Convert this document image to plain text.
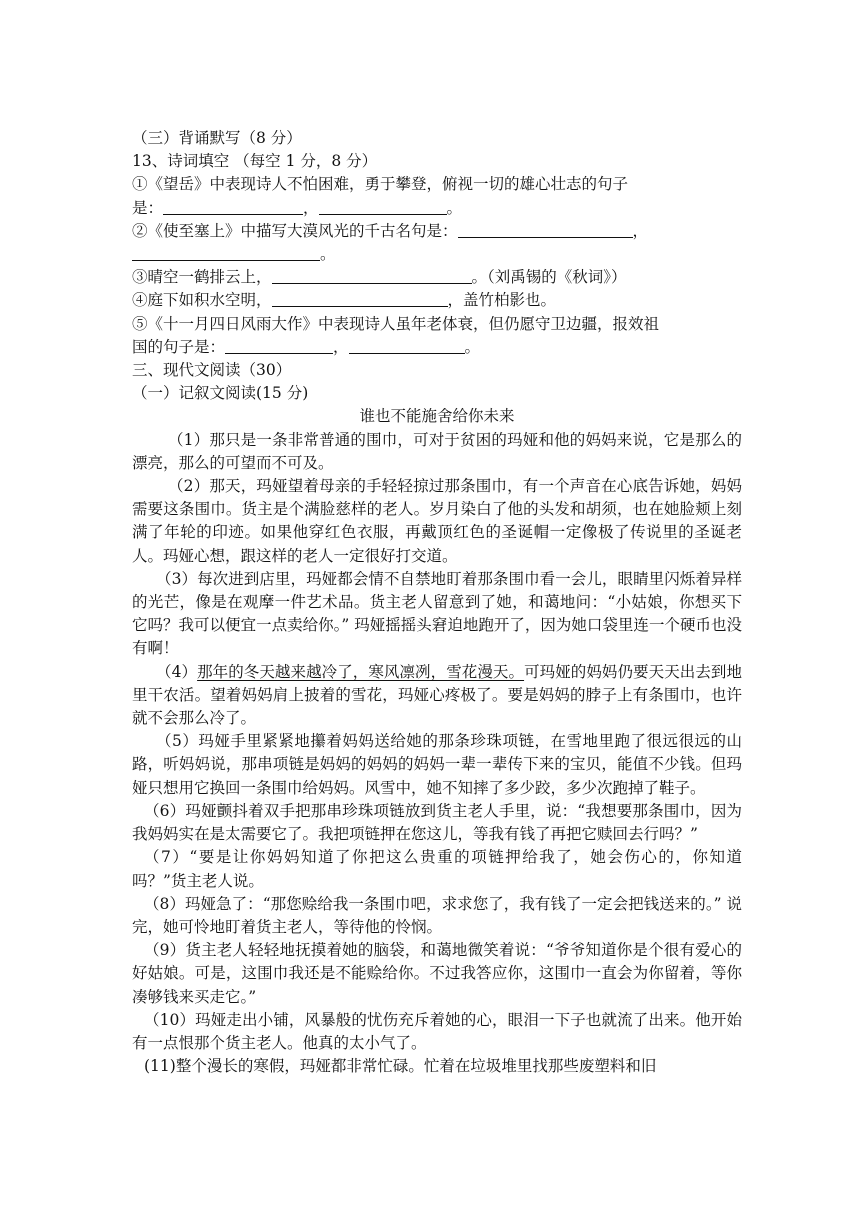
（三）背诵默写（8 分）
13、诗词填空 （每空 1 分，8 分）
①《望岳》中表现诗人不怕困难，勇于攀登，俯视一切的雄心壮志的句子
是：	，	。
②《使至塞上》中描写大漠风光的千古名句是：	，
。
③晴空一鹤排云上，	。（刘禹锡的《秋词》）
④庭下如积水空明，	，盖竹柏影也。
⑤《十一月四日风雨大作》中表现诗人虽年老体衰，但仍愿守卫边疆，报效祖
国的句子是：	，	。
三、现代文阅读（30）
（一）记叙文阅读(15 分)
谁也不能施舍给你未来

（1）那只是一条非常普通的围巾，可对于贫困的玛娅和他的妈妈来说，它是那么的漂亮，那么的可望而不可及。

（2）那天，玛娅望着母亲的手轻轻掠过那条围巾，有一个声音在心底告诉她，妈妈需要这条围巾。货主是个满脸慈样的老人。岁月染白了他的头发和胡须，也在她脸颊上刻满了年轮的印迹。如果他穿红色衣服，再戴顶红色的圣诞帽一定像极了传说里的圣诞老人。玛娅心想，跟这样的老人一定很好打交道。

（3）每次进到店里，玛娅都会情不自禁地盯着那条围巾看一会儿，眼睛里闪烁着异样的光芒，像是在观摩一件艺术品。货主老人留意到了她，和蔼地问：“小姑娘，你想买下它吗？我可以便宜一点卖给你。” 玛娅摇摇头窘迫地跑开了，因为她口袋里连一个硬币也没有啊！

（4）那年的冬天越来越冷了，寒风凛冽，雪花漫天。可玛娅的妈妈仍要天天出去到地里干农活。望着妈妈肩上披着的雪花，玛娅心疼极了。要是妈妈的脖子上有条围巾，也许就不会那么冷了。

（5）玛娅手里紧紧地攥着妈妈送给她的那条珍珠项链，在雪地里跑了很远很远的山路，听妈妈说，那串项链是妈妈的妈妈的妈妈一辈一辈传下来的宝贝，能值不少钱。但玛娅只想用它换回一条围巾给妈妈。风雪中，她不知摔了多少跤，多少次跑掉了鞋子。

（6）玛娅颤抖着双手把那串珍珠项链放到货主老人手里，说：“我想要那条围巾，因为我妈妈实在是太需要它了。我把项链押在您这儿，等我有钱了再把它赎回去行吗？”

（7）“要是让你妈妈知道了你把这么贵重的项链押给我了，她会伤心的，你知道吗？”货主老人说。

（8）玛娅急了：“那您赊给我一条围巾吧，求求您了，我有钱了一定会把钱送来的。” 说完，她可怜地盯着货主老人，等待他的怜悯。

（9）货主老人轻轻地抚摸着她的脑袋，和蔼地微笑着说：“爷爷知道你是个很有爱心的好姑娘。可是，这围巾我还是不能赊给你。不过我答应你，这围巾一直会为你留着，等你凑够钱来买走它。”

（10）玛娅走出小铺，风暴般的忧伤充斥着她的心，眼泪一下子也就流了出来。他开始有一点恨那个货主老人。他真的太小气了。

(11)整个漫长的寒假，玛娅都非常忙碌。忙着在垃圾堆里找那些废塑料和旧
